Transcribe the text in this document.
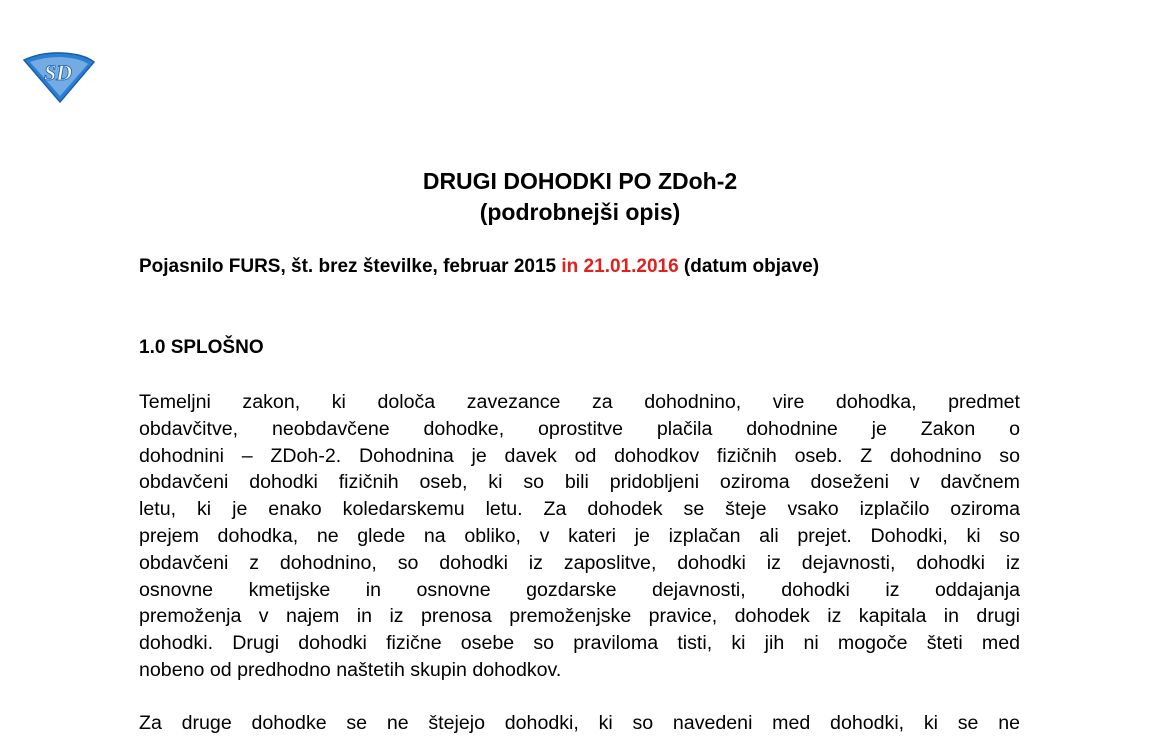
SD
DRUGI DOHODKI PO ZDoh-2
(podrobnejši opis)
Pojasnilo FURS, št. brez številke, februar 2015 in 21.01.2016 (datum objave)
1.0 SPLOŠNO
Temeljni zakon, ki določa zavezance za dohodnino, vire dohodka, predmet
obdavčitve, neobdavčene dohodke, oprostitve plačila dohodnine je Zakon o
dohodnini – ZDoh-2. Dohodnina je davek od dohodkov fizičnih oseb. Z dohodnino so
obdavčeni dohodki fizičnih oseb, ki so bili pridobljeni oziroma doseženi v davčnem
letu, ki je enako koledarskemu letu. Za dohodek se šteje vsako izplačilo oziroma
prejem dohodka, ne glede na obliko, v kateri je izplačan ali prejet. Dohodki, ki so
obdavčeni z dohodnino, so dohodki iz zaposlitve, dohodki iz dejavnosti, dohodki iz
osnovne kmetijske in osnovne gozdarske dejavnosti, dohodki iz oddajanja
premoženja v najem in iz prenosa premoženjske pravice, dohodek iz kapitala in drugi
dohodki. Drugi dohodki fizične osebe so praviloma tisti, ki jih ni mogoče šteti med
nobeno od predhodno naštetih skupin dohodkov.
Za druge dohodke se ne štejejo dohodki, ki so navedeni med dohodki, ki se ne
